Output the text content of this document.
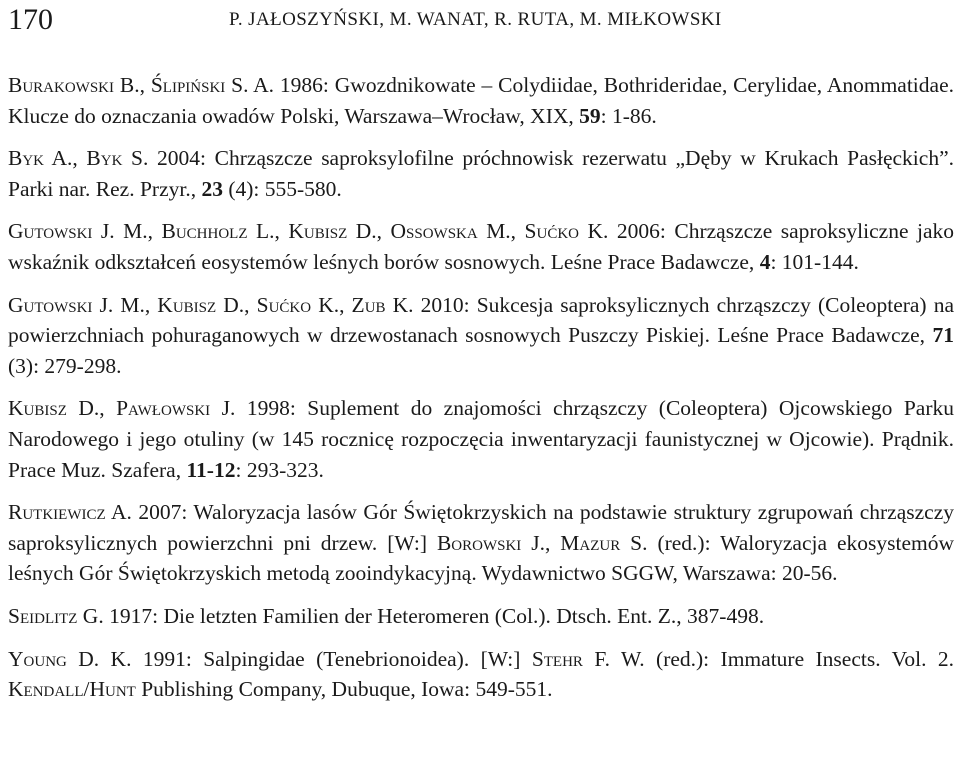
170	P. JAŁOSZYŃSKI, M. WANAT, R. RUTA, M. MIŁKOWSKI

Burakowski B., Ślipiński S. A. 1986: Gwozdnikowate – Colydiidae, Bothrideridae, Cerylidae, Anommatidae. Klucze do oznaczania owadów Polski, Warszawa–Wrocław, XIX, 59: 1-86.

Byk A., Byk S. 2004: Chrząszcze saproksylofilne próchnowisk rezerwatu „Dęby w Krukach Pasłęckich”. Parki nar. Rez. Przyr., 23 (4): 555-580.

Gutowski J. M., Buchholz L., Kubisz D., Ossowska M., Sućko K. 2006: Chrząszcze saproksyliczne jako wskaźnik odkształceń eosystemów leśnych borów sosnowych. Leśne Prace Badawcze, 4: 101-144.

Gutowski J. M., Kubisz D., Sućko K., Zub K. 2010: Sukcesja saproksylicznych chrząszczy (Coleoptera) na powierzchniach pohuraganowych w drzewostanach sosnowych Puszczy Piskiej. Leśne Prace Badawcze, 71 (3): 279-298.

Kubisz D., Pawłowski J. 1998: Suplement do znajomości chrząszczy (Coleoptera) Ojcowskiego Parku Narodowego i jego otuliny (w 145 rocznicę rozpoczęcia inwentaryzacji faunistycznej w Ojcowie). Prądnik. Prace Muz. Szafera, 11-12: 293-323.

Rutkiewicz A. 2007: Waloryzacja lasów Gór Świętokrzyskich na podstawie struktury zgrupowań chrząszczy saproksylicznych powierzchni pni drzew. [W:] Borowski J., Mazur S. (red.): Waloryzacja ekosystemów leśnych Gór Świętokrzyskich metodą zooindykacyjną. Wydawnictwo SGGW, Warszawa: 20-56.

Seidlitz G. 1917: Die letzten Familien der Heteromeren (Col.). Dtsch. Ent. Z., 387-498.

Young D. K. 1991: Salpingidae (Tenebrionoidea). [W:] Stehr F. W. (red.): Immature Insects. Vol. 2. Kendall/Hunt Publishing Company, Dubuque, Iowa: 549-551.
